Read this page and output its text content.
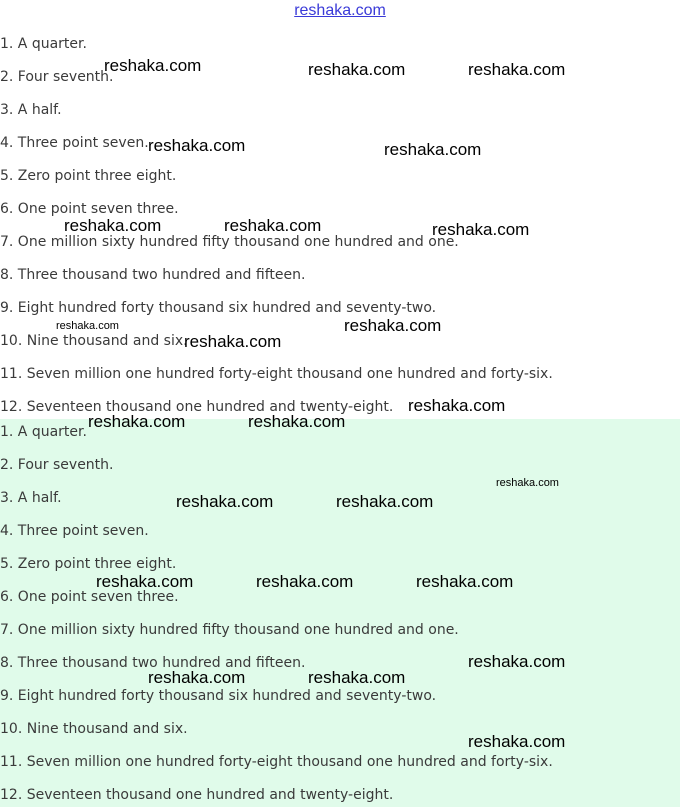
reshaka.com
1. A quarter.
2. Four seventh.
3. A half.
4. Three point seven.
5. Zero point three eight.
6. One point seven three.
7. One million sixty hundred fifty thousand one hundred and one.
8. Three thousand two hundred and fifteen.
9. Eight hundred forty thousand six hundred and seventy-two.
10. Nine thousand and six.
11. Seven million one hundred forty-eight thousand one hundred and forty-six.
12. Seventeen thousand one hundred and twenty-eight.
1. A quarter.
2. Four seventh.
3. A half.
4. Three point seven.
5. Zero point three eight.
6. One point seven three.
7. One million sixty hundred fifty thousand one hundred and one.
8. Three thousand two hundred and fifteen.
9. Eight hundred forty thousand six hundred and seventy-two.
10. Nine thousand and six.
11. Seven million one hundred forty-eight thousand one hundred and forty-six.
12. Seventeen thousand one hundred and twenty-eight.
reshaka.com	reshaka.com	reshaka.com
reshaka.com	reshaka.com
reshaka.com	reshaka.com	reshaka.com
reshaka.com	reshaka.com
reshaka.com
reshaka.com
reshaka.com	reshaka.com
reshaka.com
reshaka.com	reshaka.com
reshaka.com	reshaka.com	reshaka.com
reshaka.com
reshaka.com	reshaka.com
reshaka.com
